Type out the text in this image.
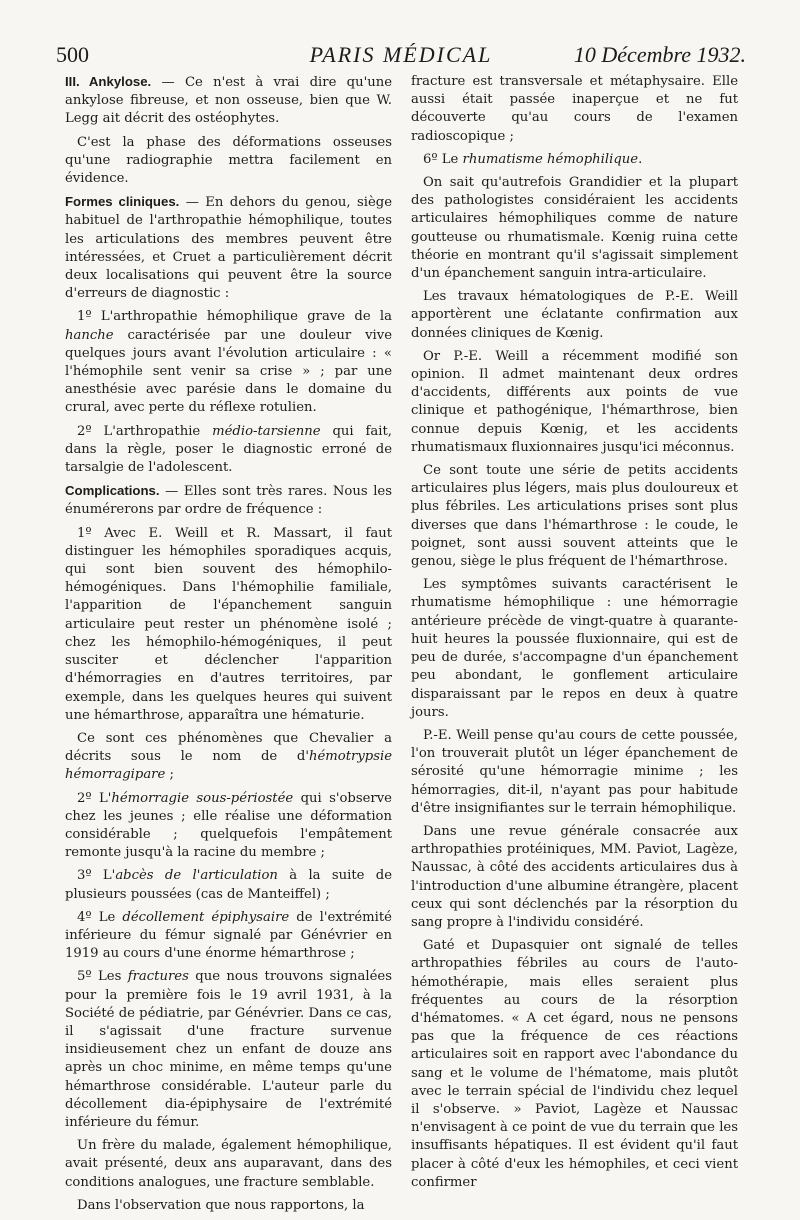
500	PARIS MÉDICAL	10 Décembre 1932.

III. Ankylose. — Ce n'est à vrai dire qu'une ankylose fibreuse, et non osseuse, bien que W. Legg ait décrit des ostéophytes.

C'est la phase des déformations osseuses qu'une radiographie mettra facilement en évidence.

Formes cliniques. — En dehors du genou, siège habituel de l'arthropathie hémophilique, toutes les articulations des membres peuvent être intéressées, et Cruet a particulièrement décrit deux localisations qui peuvent être la source d'erreurs de diagnostic :

1º L'arthropathie hémophilique grave de la hanche caractérisée par une douleur vive quelques jours avant l'évolution articulaire : « l'hémophile sent venir sa crise » ; par une anesthésie avec parésie dans le domaine du crural, avec perte du réflexe rotulien.

2º L'arthropathie médio-tarsienne qui fait, dans la règle, poser le diagnostic erroné de tarsalgie de l'adolescent.

Complications. — Elles sont très rares. Nous les énumérerons par ordre de fréquence :

1º Avec E. Weill et R. Massart, il faut distinguer les hémophiles sporadiques acquis, qui sont bien souvent des hémophilo-hémogéniques. Dans l'hémophilie familiale, l'apparition de l'épanchement sanguin articulaire peut rester un phénomène isolé ; chez les hémophilo-hémogéniques, il peut susciter et déclencher l'apparition d'hémorragies en d'autres territoires, par exemple, dans les quelques heures qui suivent une hémarthrose, apparaîtra une hématurie.

Ce sont ces phénomènes que Chevalier a décrits sous le nom de d'hémotrypsie hémorragipare ;

2º L'hémorragie sous-périostée qui s'observe chez les jeunes ; elle réalise une déformation considérable ; quelquefois l'empâtement remonte jusqu'à la racine du membre ;

3º L'abcès de l'articulation à la suite de plusieurs poussées (cas de Manteiffel) ;

4º Le décollement épiphysaire de l'extrémité inférieure du fémur signalé par Génévrier en 1919 au cours d'une énorme hémarthrose ;

5º Les fractures que nous trouvons signalées pour la première fois le 19 avril 1931, à la Société de pédiatrie, par Génévrier. Dans ce cas, il s'agissait d'une fracture survenue insidieusement chez un enfant de douze ans après un choc minime, en même temps qu'une hémarthrose considérable. L'auteur parle du décollement dia-épiphysaire de l'extrémité inférieure du fémur.

Un frère du malade, également hémophilique, avait présenté, deux ans auparavant, dans des conditions analogues, une fracture semblable.

Dans l'observation que nous rapportons, la

fracture est transversale et métaphysaire. Elle aussi était passée inaperçue et ne fut découverte qu'au cours de l'examen radioscopique ;

6º Le rhumatisme hémophilique.

On sait qu'autrefois Grandidier et la plupart des pathologistes considéraient les accidents articulaires hémophiliques comme de nature goutteuse ou rhumatismale. Kœnig ruina cette théorie en montrant qu'il s'agissait simplement d'un épanchement sanguin intra-articulaire.

Les travaux hématologiques de P.-E. Weill apportèrent une éclatante confirmation aux données cliniques de Kœnig.

Or P.-E. Weill a récemment modifié son opinion. Il admet maintenant deux ordres d'accidents, différents aux points de vue clinique et pathogénique, l'hémarthrose, bien connue depuis Kœnig, et les accidents rhumatismaux fluxionnaires jusqu'ici méconnus.

Ce sont toute une série de petits accidents articulaires plus légers, mais plus douloureux et plus fébriles. Les articulations prises sont plus diverses que dans l'hémarthrose : le coude, le poignet, sont aussi souvent atteints que le genou, siège le plus fréquent de l'hémarthrose.

Les symptômes suivants caractérisent le rhumatisme hémophilique : une hémorragie antérieure précède de vingt-quatre à quarante-huit heures la poussée fluxionnaire, qui est de peu de durée, s'accompagne d'un épanchement peu abondant, le gonflement articulaire disparaissant par le repos en deux à quatre jours.

P.-E. Weill pense qu'au cours de cette poussée, l'on trouverait plutôt un léger épanchement de sérosité qu'une hémorragie minime ; les hémorragies, dit-il, n'ayant pas pour habitude d'être insignifiantes sur le terrain hémophilique.

Dans une revue générale consacrée aux arthropathies protéiniques, MM. Paviot, Lagèze, Naussac, à côté des accidents articulaires dus à l'introduction d'une albumine étrangère, placent ceux qui sont déclenchés par la résorption du sang propre à l'individu considéré.

Gaté et Dupasquier ont signalé de telles arthropathies fébriles au cours de l'auto-hémothérapie, mais elles seraient plus fréquentes au cours de la résorption d'hématomes. « A cet égard, nous ne pensons pas que la fréquence de ces réactions articulaires soit en rapport avec l'abondance du sang et le volume de l'hématome, mais plutôt avec le terrain spécial de l'individu chez lequel il s'observe. » Paviot, Lagèze et Naussac n'envisagent à ce point de vue du terrain que les insuffisants hépatiques. Il est évident qu'il faut placer à côté d'eux les hémophiles, et ceci vient confirmer
